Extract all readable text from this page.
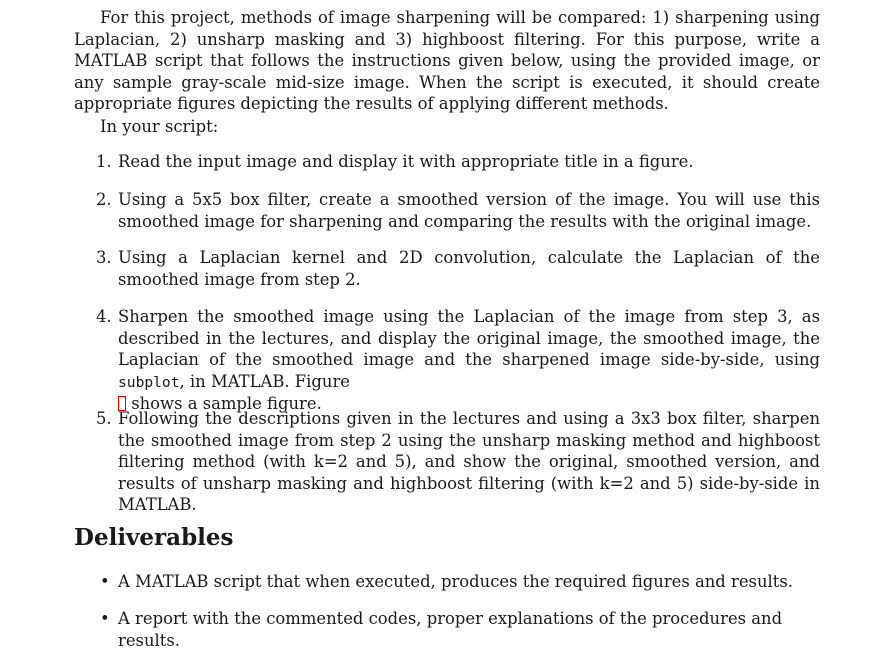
For this project, methods of image sharpening will be compared: 1) sharpening using Laplacian, 2) unsharp masking and 3) highboost filtering. For this purpose, write a MATLAB script that follows the instructions given below, using the provided image, or any sample gray-scale mid-size image. When the script is executed, it should create appropriate figures depicting the results of applying different methods.

In your script:

1. Read the input image and display it with appropriate title in a figure.
2. Using a 5x5 box filter, create a smoothed version of the image. You will use this smoothed image for sharpening and comparing the results with the original image.
3. Using a Laplacian kernel and 2D convolution, calculate the Laplacian of the smoothed image from step 2.
4. Sharpen the smoothed image using the Laplacian of the image from step 3, as described in the lectures, and display the original image, the smoothed image, the Laplacian of the smoothed image and the sharpened image side-by-side, using subplot, in MATLAB. Figure
shows a sample figure.
5. Following the descriptions given in the lectures and using a 3x3 box filter, sharpen the smoothed image from step 2 using the unsharp masking method and highboost filtering method (with k=2 and 5), and show the original, smoothed version, and results of unsharp masking and highboost filtering (with k=2 and 5) side-by-side in MATLAB.
Deliverables
• A MATLAB script that when executed, produces the required figures and results.
• A report with the commented codes, proper explanations of the procedures and results.
